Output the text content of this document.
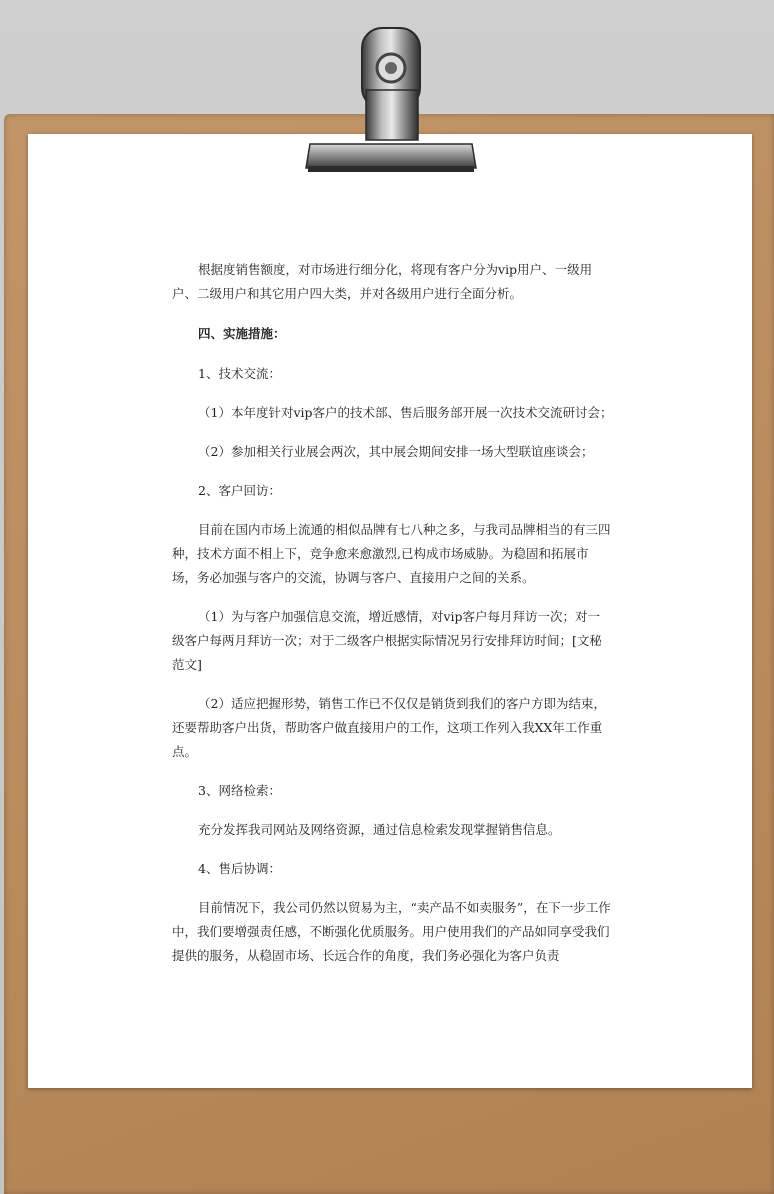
根据度销售额度，对市场进行细分化，将现有客户分为vip用户、一级用户、二级用户和其它用户四大类，并对各级用户进行全面分析。

四、实施措施：

1、技术交流：

（1）本年度针对vip客户的技术部、售后服务部开展一次技术交流研讨会；

（2）参加相关行业展会两次，其中展会期间安排一场大型联谊座谈会；

2、客户回访：

目前在国内市场上流通的相似品牌有七八种之多，与我司品牌相当的有三四种，技术方面不相上下，竞争愈来愈激烈,已构成市场威胁。为稳固和拓展市场，务必加强与客户的交流，协调与客户、直接用户之间的关系。

（1）为与客户加强信息交流，增近感情，对vip客户每月拜访一次；对一级客户每两月拜访一次；对于二级客户根据实际情况另行安排拜访时间；[文秘范文]

（2）适应把握形势，销售工作已不仅仅是销货到我们的客户方即为结束，还要帮助客户出货，帮助客户做直接用户的工作，这项工作列入我XX年工作重点。

3、网络检索：

充分发挥我司网站及网络资源，通过信息检索发现掌握销售信息。

4、售后协调：

目前情况下，我公司仍然以贸易为主，“卖产品不如卖服务”，在下一步工作中，我们要增强责任感，不断强化优质服务。用户使用我们的产品如同享受我们提供的服务，从稳固市场、长远合作的角度，我们务必强化为客户负责
